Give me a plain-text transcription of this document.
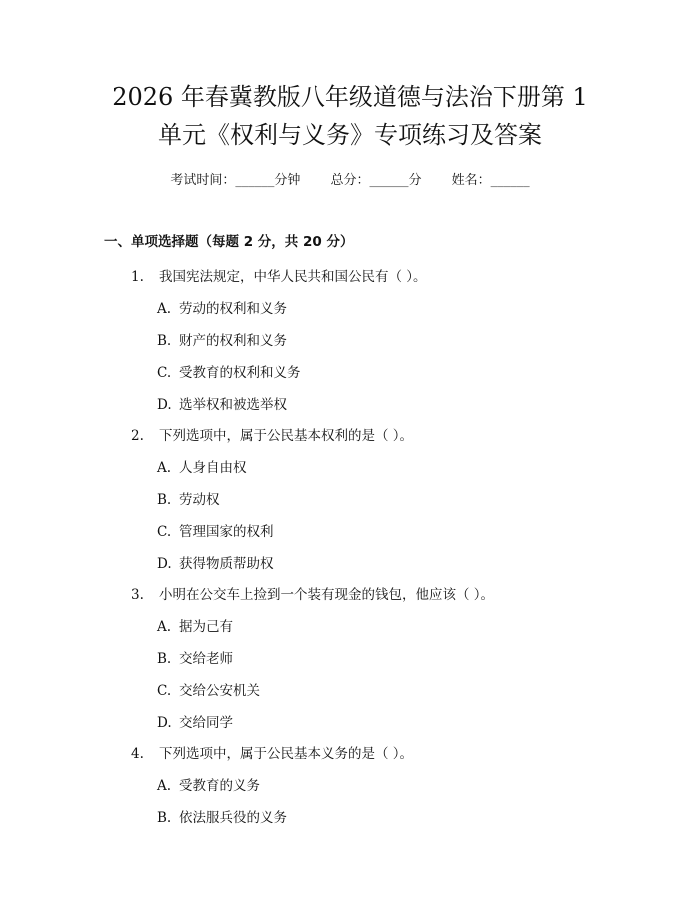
2026 年春冀教版八年级道德与法治下册第 1
单元《权利与义务》专项练习及答案
考试时间：______分钟 总分：______分 姓名：______
一、单项选择题（每题 2 分，共 20 分）
1. 我国宪法规定，中华人民共和国公民有（ ）。
A. 劳动的权利和义务
B. 财产的权利和义务
C. 受教育的权利和义务
D. 选举权和被选举权
2. 下列选项中，属于公民基本权利的是（ ）。
A. 人身自由权
B. 劳动权
C. 管理国家的权利
D. 获得物质帮助权
3. 小明在公交车上捡到一个装有现金的钱包，他应该（ ）。
A. 据为己有
B. 交给老师
C. 交给公安机关
D. 交给同学
4. 下列选项中，属于公民基本义务的是（ ）。
A. 受教育的义务
B. 依法服兵役的义务
